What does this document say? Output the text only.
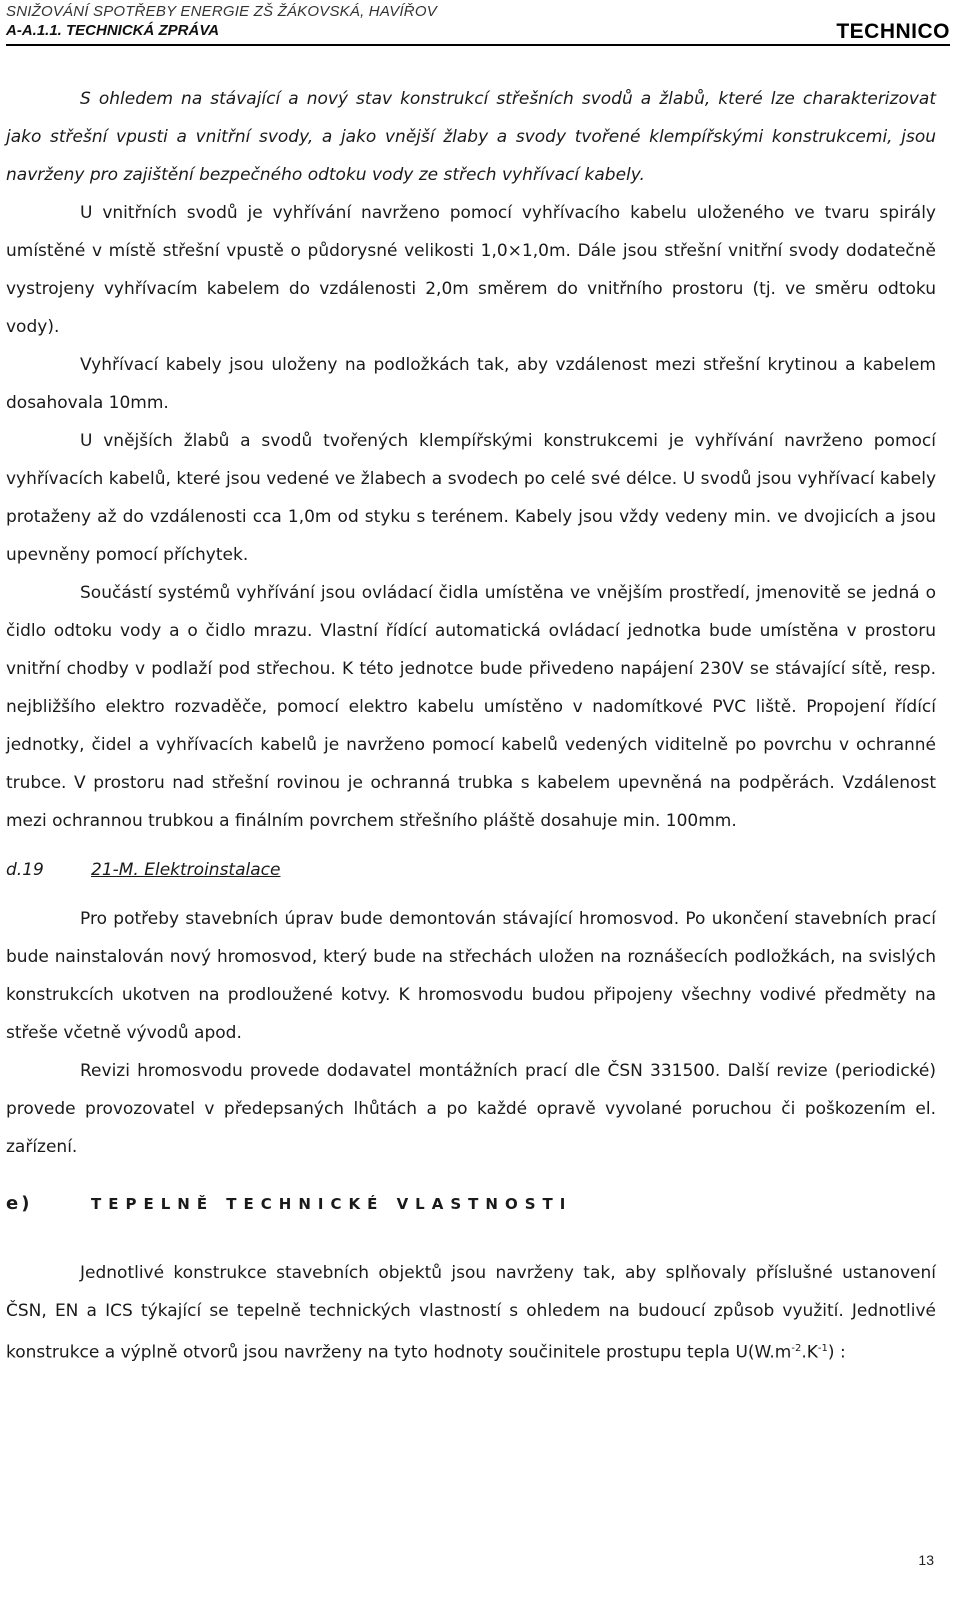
SNIŽOVÁNÍ SPOTŘEBY ENERGIE ZŠ ŽÁKOVSKÁ, HAVÍŘOV
A-A.1.1. TECHNICKÁ ZPRÁVA	TECHNICO

S ohledem na stávající a nový stav konstrukcí střešních svodů a žlabů, které lze charakterizovat jako střešní vpusti a vnitřní svody, a jako vnější žlaby a svody tvořené klempířskými konstrukcemi, jsou navrženy pro zajištění bezpečného odtoku vody ze střech vyhřívací kabely.

U vnitřních svodů je vyhřívání navrženo pomocí vyhřívacího kabelu uloženého ve tvaru spirály umístěné v místě střešní vpustě o půdorysné velikosti 1,0×1,0m. Dále jsou střešní vnitřní svody dodatečně vystrojeny vyhřívacím kabelem do vzdálenosti 2,0m směrem do vnitřního prostoru (tj. ve směru odtoku vody).

Vyhřívací kabely jsou uloženy na podložkách tak, aby vzdálenost mezi střešní krytinou a kabelem dosahovala 10mm.

U vnějších žlabů a svodů tvořených klempířskými konstrukcemi je vyhřívání navrženo pomocí vyhřívacích kabelů, které jsou vedené ve žlabech a svodech po celé své délce. U svodů jsou vyhřívací kabely protaženy až do vzdálenosti cca 1,0m od styku s terénem. Kabely jsou vždy vedeny min. ve dvojicích a jsou upevněny pomocí příchytek.

Součástí systémů vyhřívání jsou ovládací čidla umístěna ve vnějším prostředí, jmenovitě se jedná o čidlo odtoku vody a o čidlo mrazu. Vlastní řídící automatická ovládací jednotka bude umístěna v prostoru vnitřní chodby v podlaží pod střechou. K této jednotce bude přivedeno napájení 230V se stávající sítě, resp. nejbližšího elektro rozvaděče, pomocí elektro kabelu umístěno v nadomítkové PVC liště. Propojení řídící jednotky, čidel a vyhřívacích kabelů je navrženo pomocí kabelů vedených viditelně po povrchu v ochranné trubce. V prostoru nad střešní rovinou je ochranná trubka s kabelem upevněná na podpěrách. Vzdálenost mezi ochrannou trubkou a finálním povrchem střešního pláště dosahuje min. 100mm.

d.19	21-M. Elektroinstalace

Pro potřeby stavebních úprav bude demontován stávající hromosvod. Po ukončení stavebních prací bude nainstalován nový hromosvod, který bude na střechách uložen na roznášecích podložkách, na svislých konstrukcích ukotven na prodloužené kotvy. K hromosvodu budou připojeny všechny vodivé předměty na střeše včetně vývodů apod.

Revizi hromosvodu provede dodavatel montážních prací dle ČSN 331500. Další revize (periodické) provede provozovatel v předepsaných lhůtách a po každé opravě vyvolané poruchou či poškozením el. zařízení.

e)	TEPELNĚ TECHNICKÉ VLASTNOSTI

Jednotlivé konstrukce stavebních objektů jsou navrženy tak, aby splňovaly příslušné ustanovení ČSN, EN a ICS týkající se tepelně technických vlastností s ohledem na budoucí způsob využití. Jednotlivé konstrukce a výplně otvorů jsou navrženy na tyto hodnoty součinitele prostupu tepla $U(W.m^{-2}.K^{-1})$ :

13
